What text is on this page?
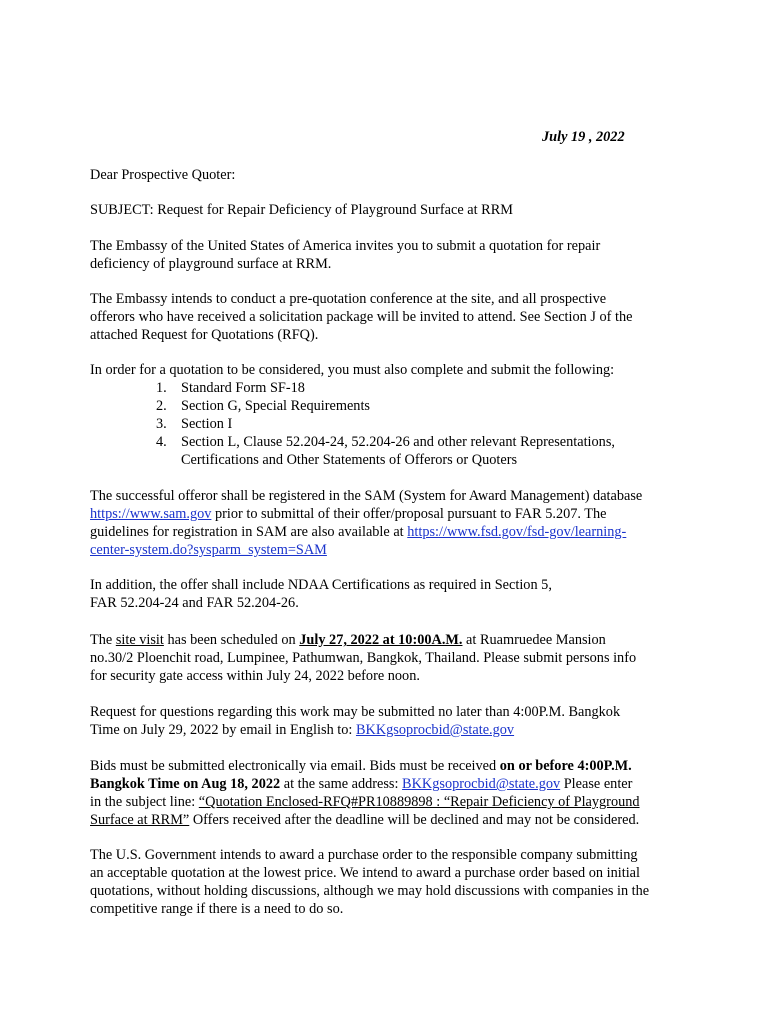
July 19 , 2022

Dear Prospective Quoter:

SUBJECT: Request for Repair Deficiency of Playground Surface at RRM

The Embassy of the United States of America invites you to submit a quotation for repair
deficiency of playground surface at RRM.

The Embassy intends to conduct a pre-quotation conference at the site, and all prospective
offerors who have received a solicitation package will be invited to attend. See Section J of the
attached Request for Quotations (RFQ).

In order for a quotation to be considered, you must also complete and submit the following:

1. Standard Form SF-18
2. Section G, Special Requirements
3. Section I
4. Section L, Clause 52.204-24, 52.204-26 and other relevant Representations,
Certifications and Other Statements of Offerors or Quoters

The successful offeror shall be registered in the SAM (System for Award Management) database
https://www.sam.gov prior to submittal of their offer/proposal pursuant to FAR 5.207. The
guidelines for registration in SAM are also available at https://www.fsd.gov/fsd-gov/learning-
center-system.do?sysparm_system=SAM

In addition, the offer shall include NDAA Certifications as required in Section 5,
FAR 52.204-24 and FAR 52.204-26.

The site visit has been scheduled on July 27, 2022 at 10:00A.M. at Ruamruedee Mansion
no.30/2 Ploenchit road, Lumpinee, Pathumwan, Bangkok, Thailand. Please submit persons info
for security gate access within July 24, 2022 before noon.

Request for questions regarding this work may be submitted no later than 4:00P.M. Bangkok
Time on July 29, 2022 by email in English to: BKKgsoprocbid@state.gov

Bids must be submitted electronically via email. Bids must be received on or before 4:00P.M.
Bangkok Time on Aug 18, 2022 at the same address: BKKgsoprocbid@state.gov Please enter
in the subject line: “Quotation Enclosed-RFQ#PR10889898 : “Repair Deficiency of Playground
Surface at RRM” Offers received after the deadline will be declined and may not be considered.

The U.S. Government intends to award a purchase order to the responsible company submitting
an acceptable quotation at the lowest price. We intend to award a purchase order based on initial
quotations, without holding discussions, although we may hold discussions with companies in the
competitive range if there is a need to do so.
